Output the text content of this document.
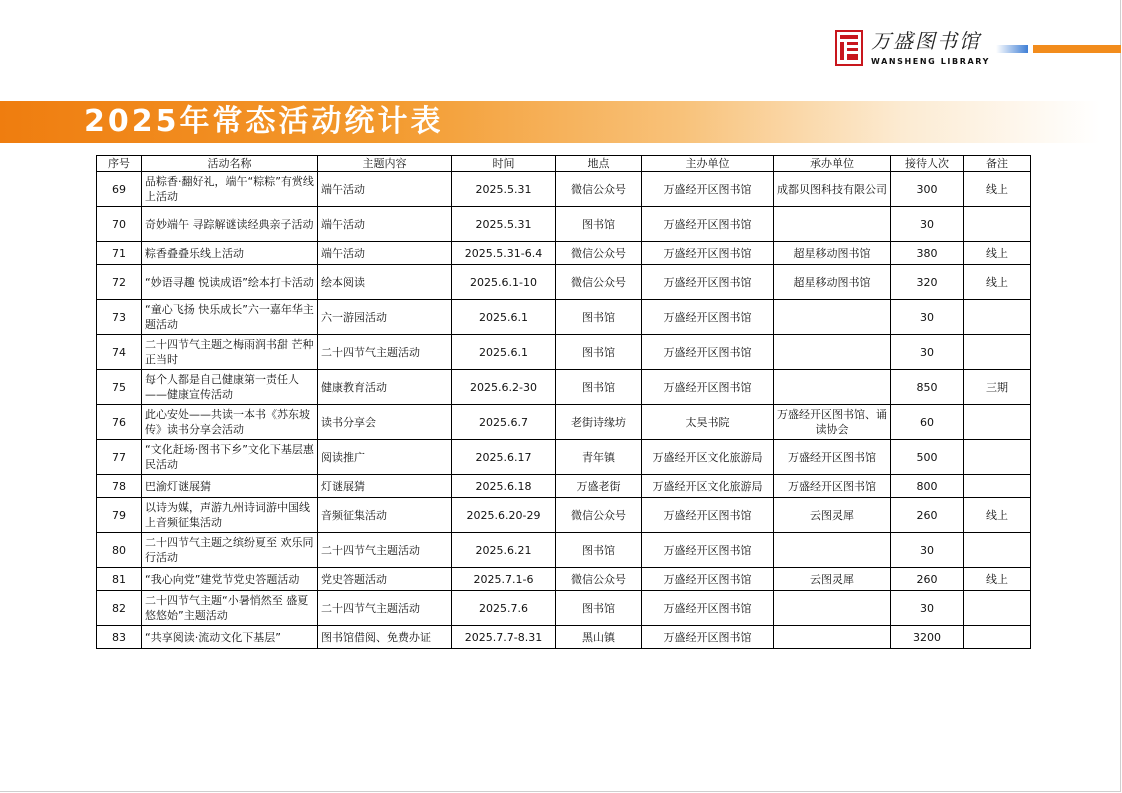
万盛图书馆
WANSHENG LIBRARY
2025年常态活动统计表
序号	活动名称	主题内容	时间	地点	主办单位	承办单位	接待人次	备注
69	品粽香·翻好礼，端午“粽粽”有赏线上活动	端午活动	2025.5.31	微信公众号	万盛经开区图书馆	成都贝图科技有限公司	300	线上
70	奇妙端午 寻踪解谜读经典亲子活动	端午活动	2025.5.31	图书馆	万盛经开区图书馆		30	
71	粽香叠叠乐线上活动	端午活动	2025.5.31-6.4	微信公众号	万盛经开区图书馆	超星移动图书馆	380	线上
72	“妙语寻趣 悦读成语”绘本打卡活动	绘本阅读	2025.6.1-10	微信公众号	万盛经开区图书馆	超星移动图书馆	320	线上
73	“童心飞扬 快乐成长”六一嘉年华主题活动	六一游园活动	2025.6.1	图书馆	万盛经开区图书馆		30	
74	二十四节气主题之梅雨润书甜 芒种正当时	二十四节气主题活动	2025.6.1	图书馆	万盛经开区图书馆		30	
75	每个人都是自己健康第一责任人——健康宣传活动	健康教育活动	2025.6.2-30	图书馆	万盛经开区图书馆		850	三期
76	此心安处——共读一本书《苏东坡传》读书分享会活动	读书分享会	2025.6.7	老街诗缘坊	太昊书院	万盛经开区图书馆、诵读协会	60	
77	“文化赶场·图书下乡”文化下基层惠民活动	阅读推广	2025.6.17	青年镇	万盛经开区文化旅游局	万盛经开区图书馆	500	
78	巴渝灯谜展猜	灯谜展猜	2025.6.18	万盛老街	万盛经开区文化旅游局	万盛经开区图书馆	800	
79	以诗为媒，声游九州诗词游中国线上音频征集活动	音频征集活动	2025.6.20-29	微信公众号	万盛经开区图书馆	云图灵犀	260	线上
80	二十四节气主题之缤纷夏至 欢乐同行活动	二十四节气主题活动	2025.6.21	图书馆	万盛经开区图书馆		30	
81	“我心向党”建党节党史答题活动	党史答题活动	2025.7.1-6	微信公众号	万盛经开区图书馆	云图灵犀	260	线上
82	二十四节气主题“小暑悄然至 盛夏悠悠始”主题活动	二十四节气主题活动	2025.7.6	图书馆	万盛经开区图书馆		30	
83	“共享阅读·流动文化下基层”	图书馆借阅、免费办证	2025.7.7-8.31	黑山镇	万盛经开区图书馆		3200	
